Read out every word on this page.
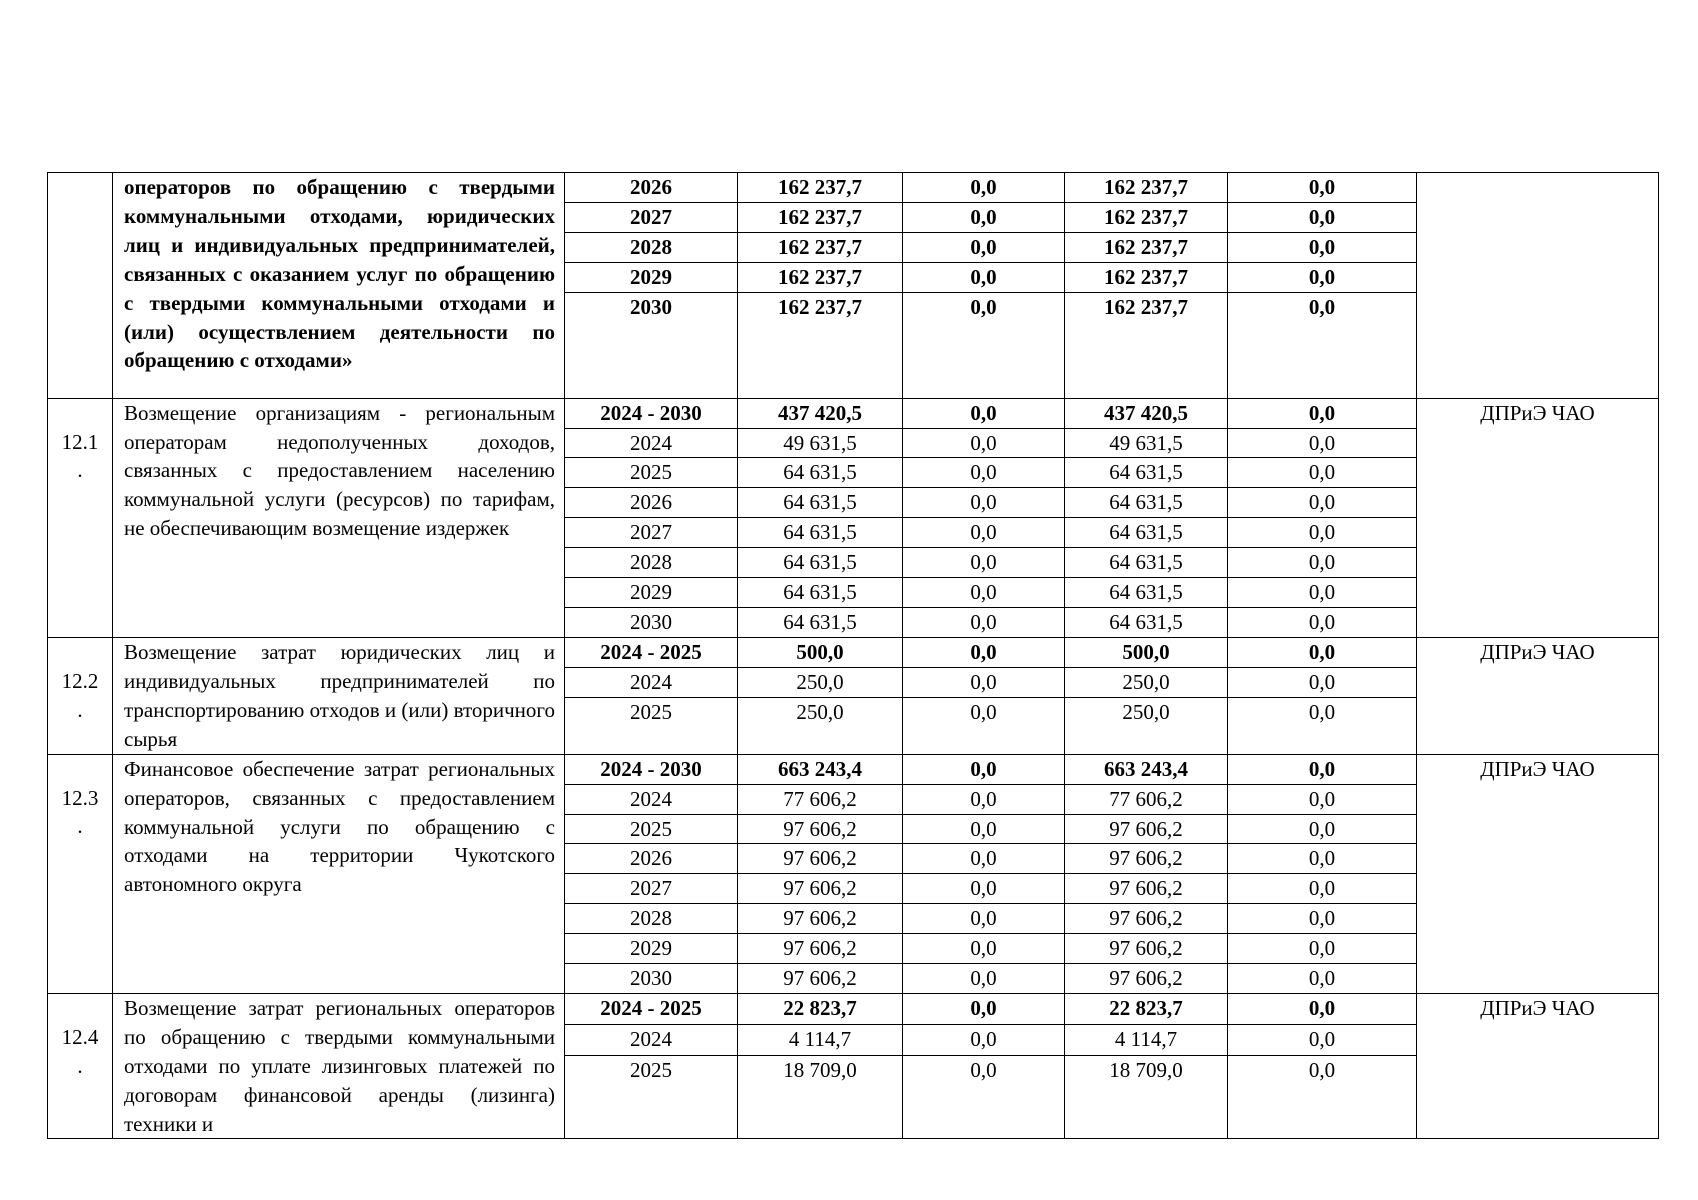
	операторов по обращению с твердыми коммунальными отходами, юридических лиц и индивидуальных предпринимателей, связанных с оказанием услуг по обращению с твердыми коммунальными отходами и (или) осуществлением деятельности по обращению с отходами»	2026	162 237,7	0,0	162 237,7	0,0	
		2027	162 237,7	0,0	162 237,7	0,0	
		2028	162 237,7	0,0	162 237,7	0,0	
		2029	162 237,7	0,0	162 237,7	0,0	
		2030	162 237,7	0,0	162 237,7	0,0	

12.1
.	Возмещение организациям - региональным операторам недополученных доходов, связанных с предоставлением населению коммунальной услуги (ресурсов) по тарифам, не обеспечивающим возмещение издержек	2024 - 2030	437 420,5	0,0	437 420,5	0,0	ДПРиЭ ЧАО
		2024	49 631,5	0,0	49 631,5	0,0	
		2025	64 631,5	0,0	64 631,5	0,0	
		2026	64 631,5	0,0	64 631,5	0,0	
		2027	64 631,5	0,0	64 631,5	0,0	
		2028	64 631,5	0,0	64 631,5	0,0	
		2029	64 631,5	0,0	64 631,5	0,0	
		2030	64 631,5	0,0	64 631,5	0,0	

12.2
.	Возмещение затрат юридических лиц и индивидуальных предпринимателей по транспортированию отходов и (или) вторичного сырья	2024 - 2025	500,0	0,0	500,0	0,0	ДПРиЭ ЧАО
		2024	250,0	0,0	250,0	0,0	
		2025	250,0	0,0	250,0	0,0	

12.3
.	Финансовое обеспечение затрат региональных операторов, связанных с предоставлением коммунальной услуги по обращению с отходами на территории Чукотского автономного округа	2024 - 2030	663 243,4	0,0	663 243,4	0,0	ДПРиЭ ЧАО
		2024	77 606,2	0,0	77 606,2	0,0	
		2025	97 606,2	0,0	97 606,2	0,0	
		2026	97 606,2	0,0	97 606,2	0,0	
		2027	97 606,2	0,0	97 606,2	0,0	
		2028	97 606,2	0,0	97 606,2	0,0	
		2029	97 606,2	0,0	97 606,2	0,0	
		2030	97 606,2	0,0	97 606,2	0,0	

12.4
.	Возмещение затрат региональных операторов по обращению с твердыми коммунальными отходами по уплате лизинговых платежей по договорам финансовой аренды (лизинга) техники и	2024 - 2025	22 823,7	0,0	22 823,7	0,0	ДПРиЭ ЧАО
		2024	4 114,7	0,0	4 114,7	0,0	
		2025	18 709,0	0,0	18 709,0	0,0	
